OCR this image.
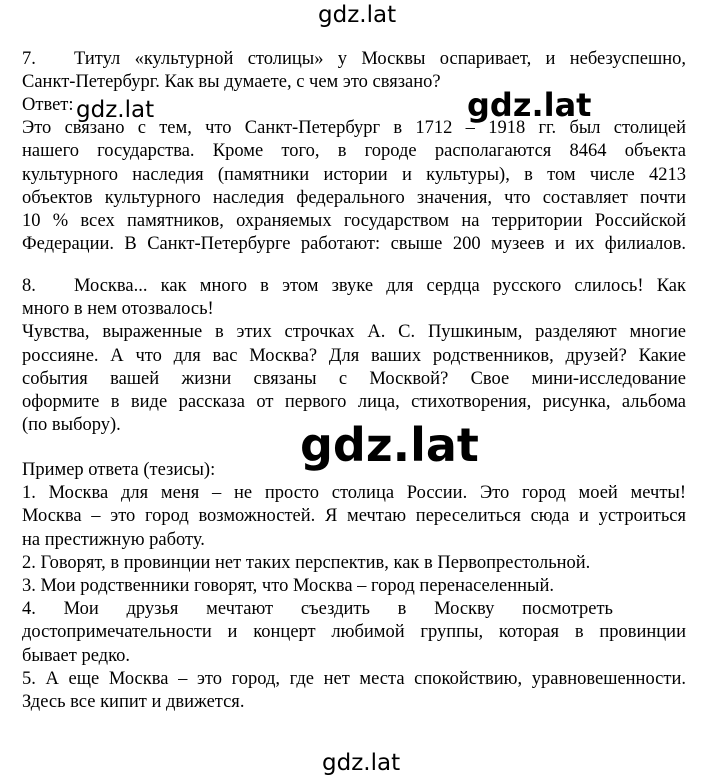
7. Титул «культурной столицы» у Москвы оспаривает, и небезуспешно,

Санкт-Петербург. Как вы думаете, с чем это связано?

Ответ:

Это связано с тем, что Санкт-Петербург в 1712 – 1918 гг. был столицей

нашего государства. Кроме того, в городе располагаются 8464 объекта

культурного наследия (памятники истории и культуры), в том числе 4213

объектов культурного наследия федерального значения, что составляет почти

10 % всех памятников, охраняемых государством на территории Российской

Федерации. В Санкт-Петербурге работают: свыше 200 музеев и их филиалов.

8. Москва... как много в этом звуке для сердца русского слилось! Как

много в нем отозвалось!

Чувства, выраженные в этих строчках А. С. Пушкиным, разделяют многие

россияне. А что для вас Москва? Для ваших родственников, друзей? Какие

события вашей жизни связаны с Москвой? Свое мини-исследование

оформите в виде рассказа от первого лица, стихотворения, рисунка, альбома

(по выбору).

Пример ответа (тезисы):

1. Москва для меня – не просто столица России. Это город моей мечты!

Москва – это город возможностей. Я мечтаю переселиться сюда и устроиться

на престижную работу.

2. Говорят, в провинции нет таких перспектив, как в Первопрестольной.

3. Мои родственники говорят, что Москва – город перенаселенный.

4.      Мои      друзья      мечтают      съездить      в      Москву      посмотреть

достопримечательности и концерт любимой группы, которая в провинции

бывает редко.

5. А еще Москва – это город, где нет места спокойствию, уравновешенности.

Здесь все кипит и движется.

gdz.lat
gdz.lat	gdz.lat
gdz.lat
gdz.lat
